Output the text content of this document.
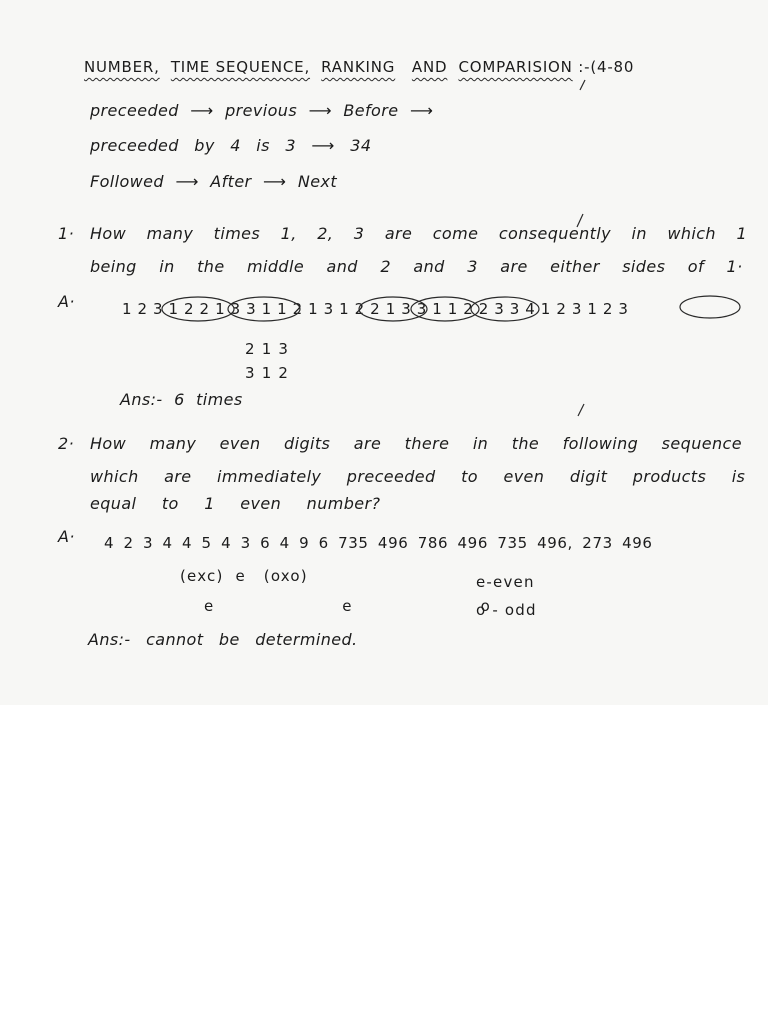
NUMBER, TIME SEQUENCE, RANKING AND COMPARISION :-(4-80
preceeded ⟶ previous ⟶ Before ⟶
preceeded by 4 is 3 ⟶ 34
Followed ⟶ After ⟶ Next
1· How many times 1, 2, 3 are come consequently in which 1
being in the middle and 2 and 3 are either sides of 1·
A·	1 2 3 1 2 2 1 3 3 1 1 2 1 3 1 2 2 1 3 3 1 1 2 2 3 3 4 1 2 3 1 2 3
2 1 3
3 1 2
Ans:- 6 times
2· How many even digits are there in the following sequence
which are immediately preceeded to even digit products is
equal to 1 even number?
A· 4 2 3 4 4 5 4 3 6 4 9 6 735 496 786 496 735 496, 273 496
(exc)  e   (oxo)
e    e    o
e-even
o - odd
Ans:- cannot be determined.
